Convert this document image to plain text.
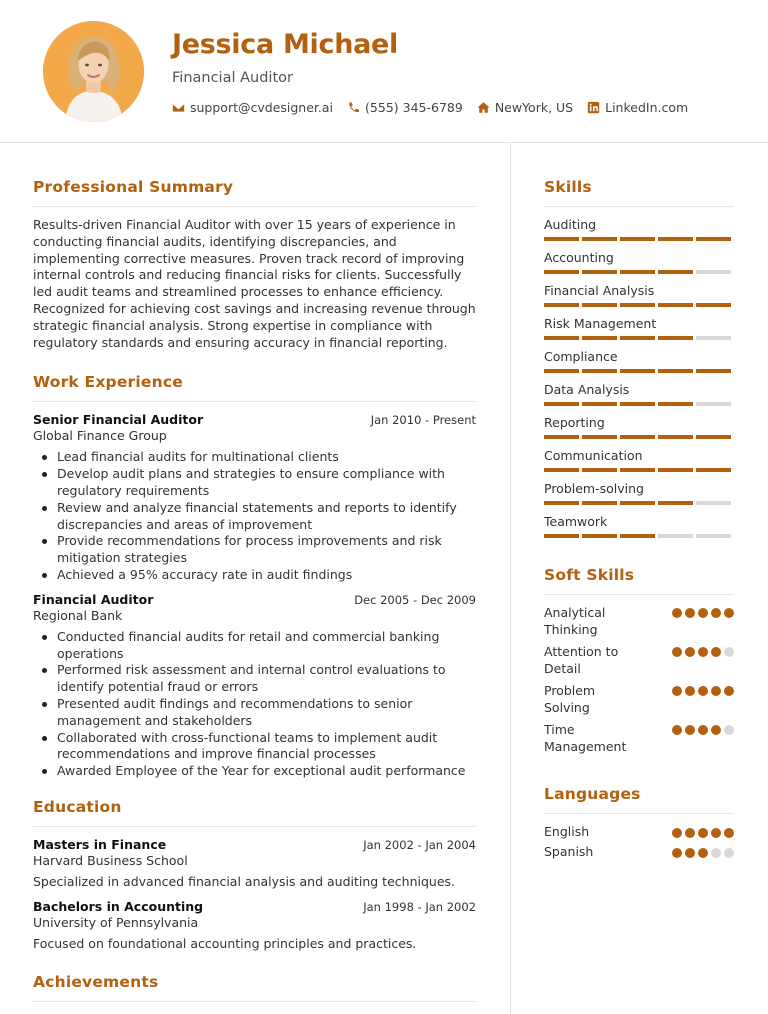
Jessica Michael
Financial Auditor
support@cvdesigner.ai	(555) 345-6789	NewYork, US	LinkedIn.com
Professional Summary

Results-driven Financial Auditor with over 15 years of experience in conducting financial audits, identifying discrepancies, and implementing corrective measures. Proven track record of improving internal controls and reducing financial risks for clients. Successfully led audit teams and streamlined processes to enhance efficiency. Recognized for achieving cost savings and increasing revenue through strategic financial analysis. Strong expertise in compliance with regulatory standards and ensuring accuracy in financial reporting.

Work Experience
Senior Financial Auditor	Jan 2010 - Present
Global Finance Group
Lead financial audits for multinational clients
Develop audit plans and strategies to ensure compliance with regulatory requirements
Review and analyze financial statements and reports to identify discrepancies and areas of improvement
Provide recommendations for process improvements and risk mitigation strategies
Achieved a 95% accuracy rate in audit findings
Financial Auditor	Dec 2005 - Dec 2009
Regional Bank
Conducted financial audits for retail and commercial banking operations
Performed risk assessment and internal control evaluations to identify potential fraud or errors
Presented audit findings and recommendations to senior management and stakeholders
Collaborated with cross-functional teams to implement audit recommendations and improve financial processes
Awarded Employee of the Year for exceptional audit performance
Education
Masters in Finance	Jan 2002 - Jan 2004
Harvard Business School
Specialized in advanced financial analysis and auditing techniques.
Bachelors in Accounting	Jan 1998 - Jan 2002
University of Pennsylvania
Focused on foundational accounting principles and practices.
Achievements
Skills
Auditing
Accounting
Financial Analysis
Risk Management
Compliance
Data Analysis
Reporting
Communication
Problem-solving
Teamwork
Soft Skills
Analytical Thinking
Attention to Detail
Problem Solving
Time Management
Languages
English
Spanish
